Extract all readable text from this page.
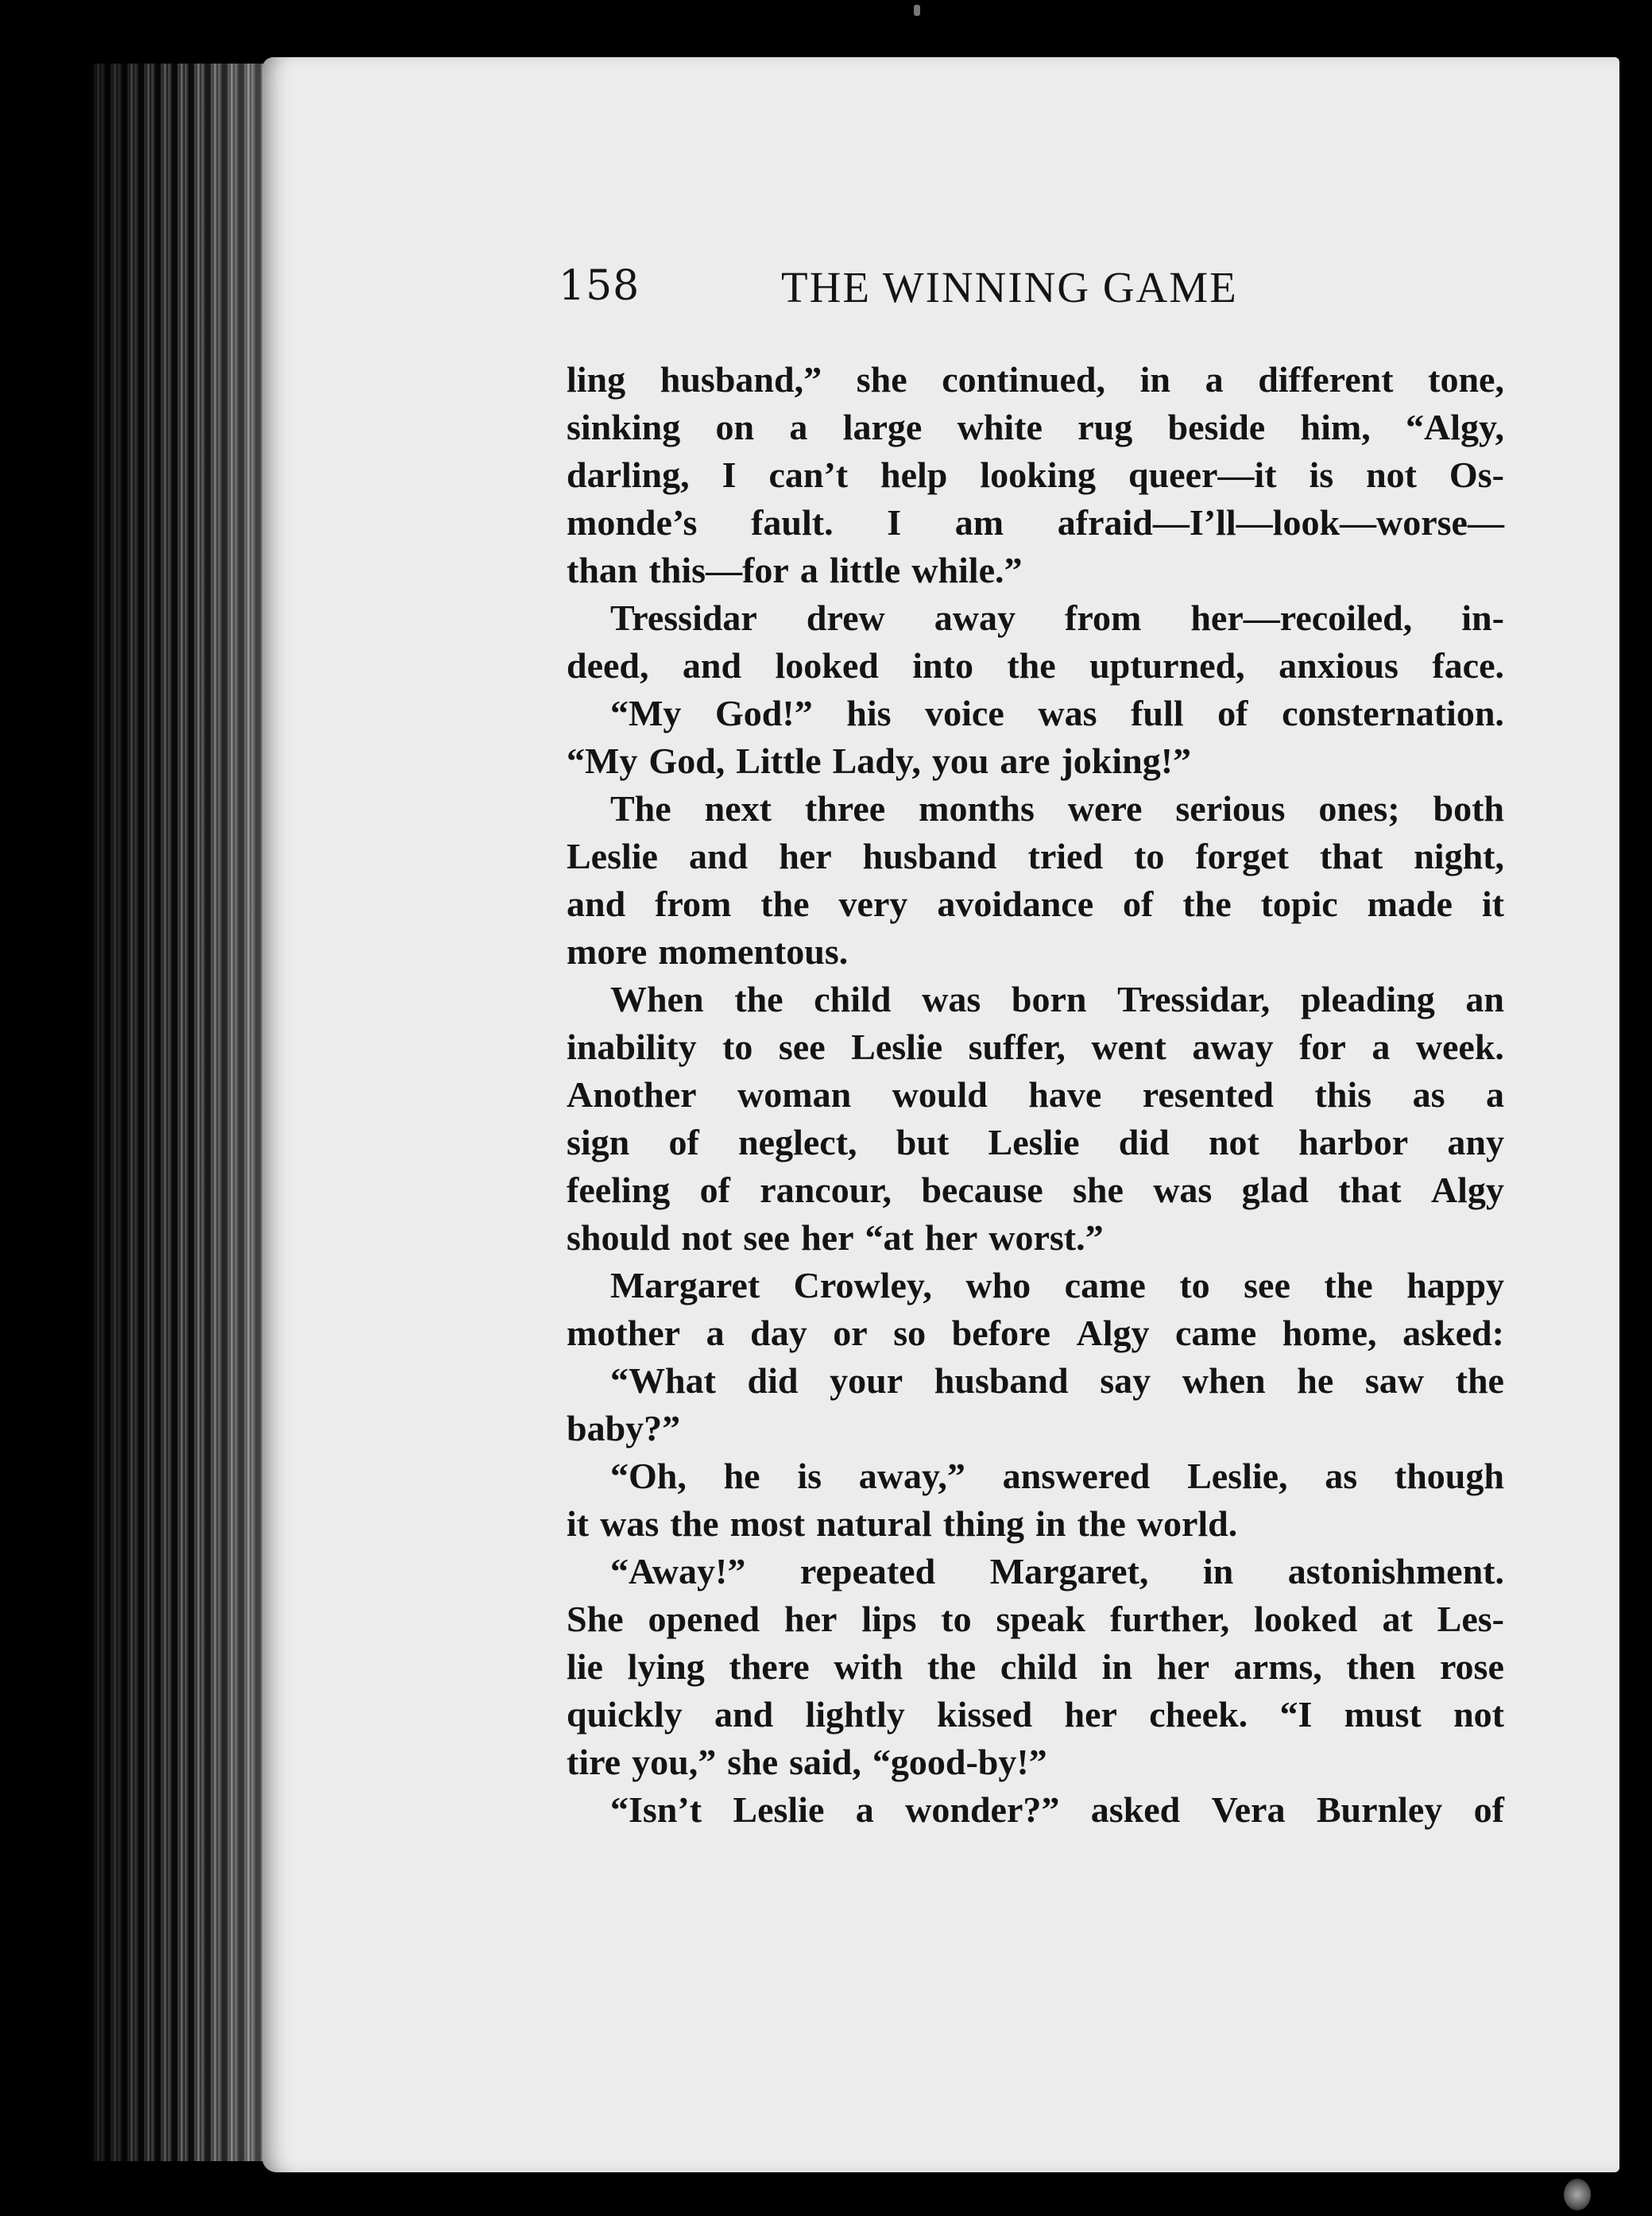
158	THE WINNING GAME
ling husband,” she continued, in a different tone,
sinking on a large white rug beside him, “Algy,
darling, I can’t help looking queer—it is not Os-
monde’s fault. I am afraid—I’ll—look—worse—
than this—for a little while.”
Tressidar drew away from her—recoiled, in-
deed, and looked into the upturned, anxious face.
“My God!” his voice was full of consternation.
“My God, Little Lady, you are joking!”
The next three months were serious ones; both
Leslie and her husband tried to forget that night,
and from the very avoidance of the topic made it
more momentous.
When the child was born Tressidar, pleading an
inability to see Leslie suffer, went away for a week.
Another woman would have resented this as a
sign of neglect, but Leslie did not harbor any
feeling of rancour, because she was glad that Algy
should not see her “at her worst.”
Margaret Crowley, who came to see the happy
mother a day or so before Algy came home, asked:
“What did your husband say when he saw the
baby?”
“Oh, he is away,” answered Leslie, as though
it was the most natural thing in the world.
“Away!” repeated Margaret, in astonishment.
She opened her lips to speak further, looked at Les-
lie lying there with the child in her arms, then rose
quickly and lightly kissed her cheek. “I must not
tire you,” she said, “good-by!”
“Isn’t Leslie a wonder?” asked Vera Burnley of
